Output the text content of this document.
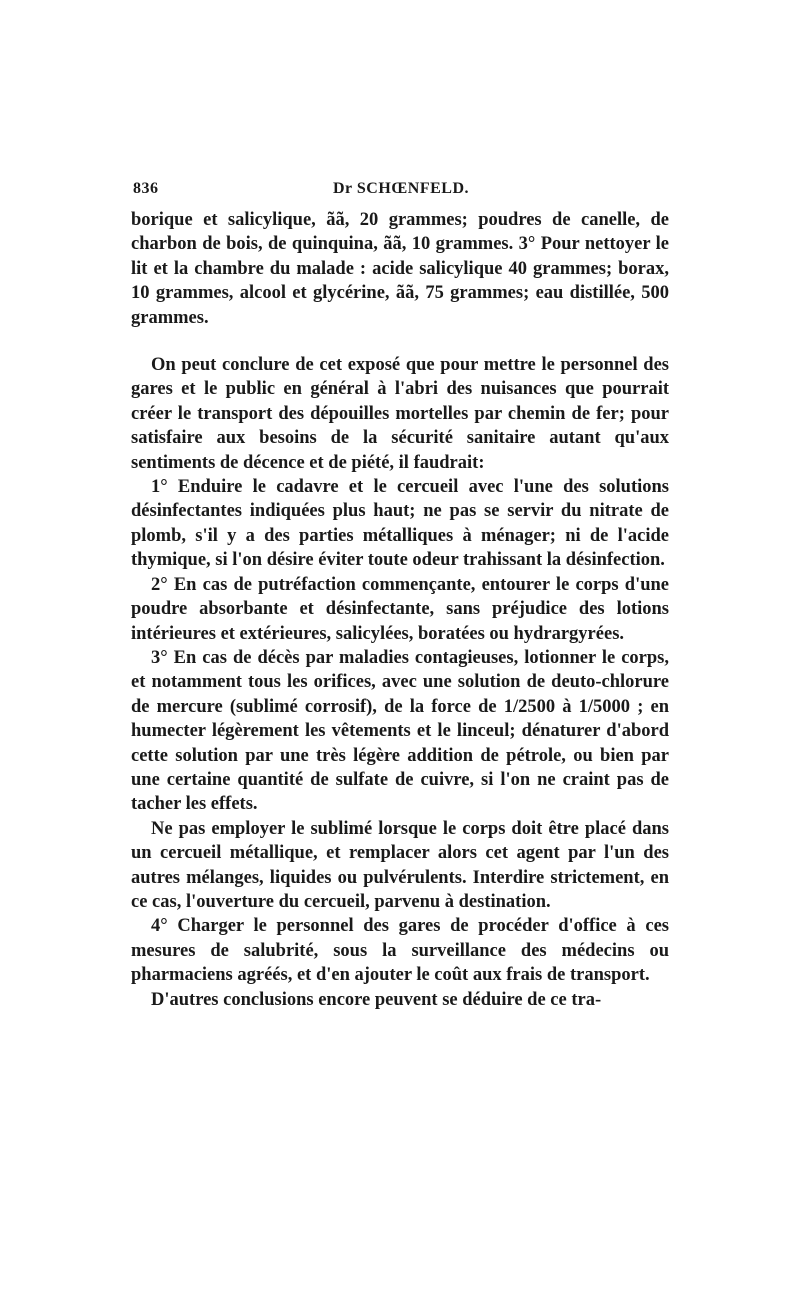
836	Dr SCHŒNFELD.

borique et salicylique, ãã, 20 grammes; poudres de canelle, de charbon de bois, de quinquina, ãã, 10 grammes. 3° Pour nettoyer le lit et la chambre du malade : acide salicylique 40 grammes; borax, 10 grammes, alcool et glycérine, ãã, 75 grammes; eau distillée, 500 grammes.

On peut conclure de cet exposé que pour mettre le personnel des gares et le public en général à l'abri des nuisances que pourrait créer le transport des dépouilles mortelles par chemin de fer; pour satisfaire aux besoins de la sécurité sanitaire autant qu'aux sentiments de décence et de piété, il faudrait:

1° Enduire le cadavre et le cercueil avec l'une des solutions désinfectantes indiquées plus haut; ne pas se servir du nitrate de plomb, s'il y a des parties métalliques à ménager; ni de l'acide thymique, si l'on désire éviter toute odeur trahissant la désinfection.

2° En cas de putréfaction commençante, entourer le corps d'une poudre absorbante et désinfectante, sans préjudice des lotions intérieures et extérieures, salicylées, boratées ou hydrargyrées.

3° En cas de décès par maladies contagieuses, lotionner le corps, et notamment tous les orifices, avec une solution de deuto-chlorure de mercure (sublimé corrosif), de la force de 1/2500 à 1/5000 ; en humecter légèrement les vêtements et le linceul; dénaturer d'abord cette solution par une très légère addition de pétrole, ou bien par une certaine quantité de sulfate de cuivre, si l'on ne craint pas de tacher les effets.

Ne pas employer le sublimé lorsque le corps doit être placé dans un cercueil métallique, et remplacer alors cet agent par l'un des autres mélanges, liquides ou pulvérulents. Interdire strictement, en ce cas, l'ouverture du cercueil, parvenu à destination.

4° Charger le personnel des gares de procéder d'office à ces mesures de salubrité, sous la surveillance des médecins ou pharmaciens agréés, et d'en ajouter le coût aux frais de transport.

D'autres conclusions encore peuvent se déduire de ce tra-
